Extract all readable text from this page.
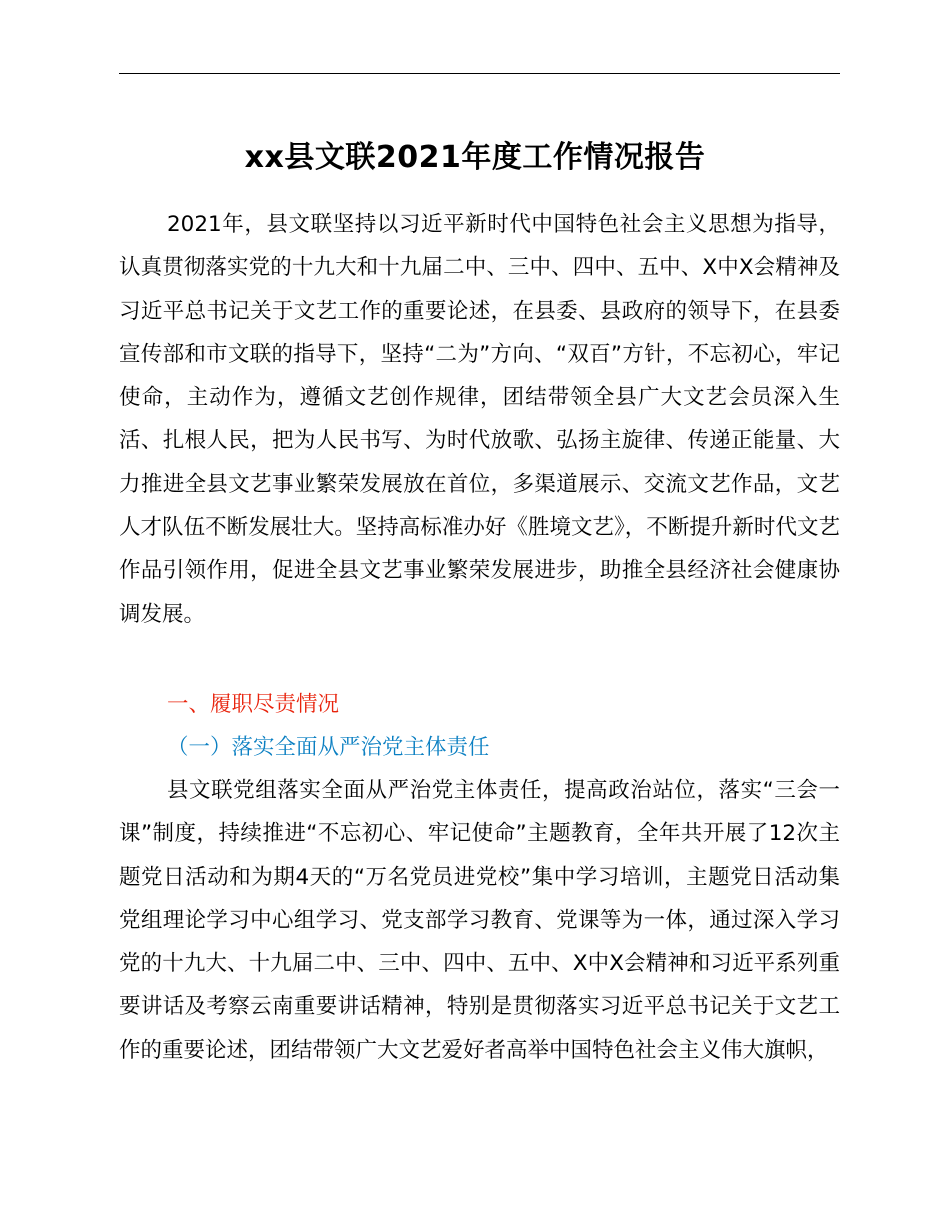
xx县文联2021年度工作情况报告

2021年，县文联坚持以习近平新时代中国特色社会主义思想为指导，认真贯彻落实党的十九大和十九届二中、三中、四中、五中、X中X会精神及习近平总书记关于文艺工作的重要论述，在县委、县政府的领导下，在县委宣传部和市文联的指导下，坚持“二为”方向、“双百”方针，不忘初心，牢记使命，主动作为，遵循文艺创作规律，团结带领全县广大文艺会员深入生活、扎根人民，把为人民书写、为时代放歌、弘扬主旋律、传递正能量、大力推进全县文艺事业繁荣发展放在首位，多渠道展示、交流文艺作品，文艺人才队伍不断发展壮大。坚持高标准办好《胜境文艺》，不断提升新时代文艺作品引领作用，促进全县文艺事业繁荣发展进步，助推全县经济社会健康协调发展。

一、履职尽责情况
（一）落实全面从严治党主体责任

县文联党组落实全面从严治党主体责任，提高政治站位，落实“三会一课”制度，持续推进“不忘初心、牢记使命”主题教育，全年共开展了12次主题党日活动和为期4天的“万名党员进党校”集中学习培训，主题党日活动集党组理论学习中心组学习、党支部学习教育、党课等为一体，通过深入学习党的十九大、十九届二中、三中、四中、五中、X中X会精神和习近平系列重要讲话及考察云南重要讲话精神，特别是贯彻落实习近平总书记关于文艺工作的重要论述，团结带领广大文艺爱好者高举中国特色社会主义伟大旗帜，
